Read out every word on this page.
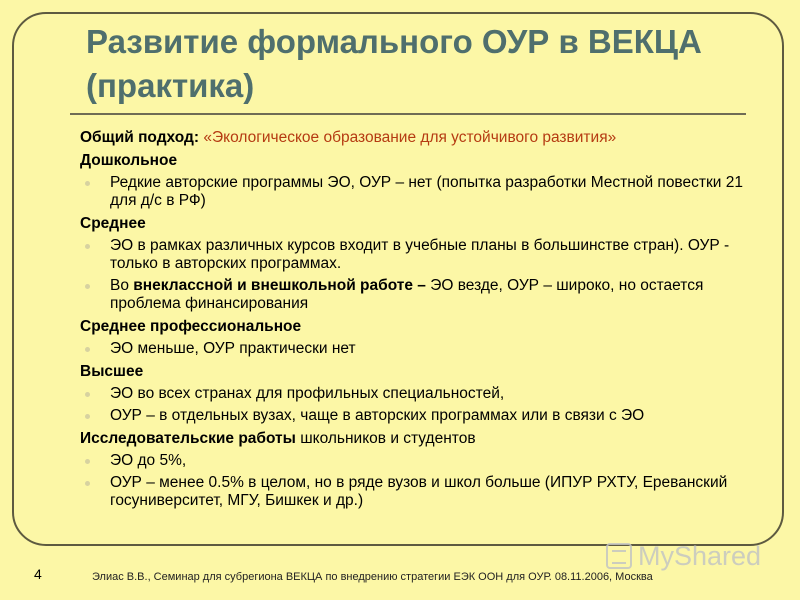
Развитие формального ОУР в ВЕКЦА (практика)
Общий подход: «Экологическое образование для устойчивого развития»
Дошкольное
Редкие авторские программы ЭО, ОУР – нет (попытка разработки Местной повестки 21 для д/с в РФ)
Среднее
ЭО в рамках различных курсов входит в учебные планы в большинстве стран). ОУР - только в авторских программах.
Во внеклассной и внешкольной работе – ЭО везде, ОУР – широко, но остается проблема финансирования
Среднее профессиональное
ЭО меньше, ОУР практически нет
Высшее
ЭО во всех странах для профильных специальностей,
ОУР – в отдельных вузах, чаще в авторских программах или в связи с ЭО
Исследовательские работы школьников и студентов
ЭО до 5%,
ОУР – менее 0.5% в целом, но в ряде вузов и школ больше (ИПУР РХТУ, Ереванский госуниверситет, МГУ, Бишкек и др.)
MyShared
4	Элиас В.В., Семинар для субрегиона ВЕКЦА по внедрению стратегии ЕЭК ООН для ОУР. 08.11.2006, Москва
